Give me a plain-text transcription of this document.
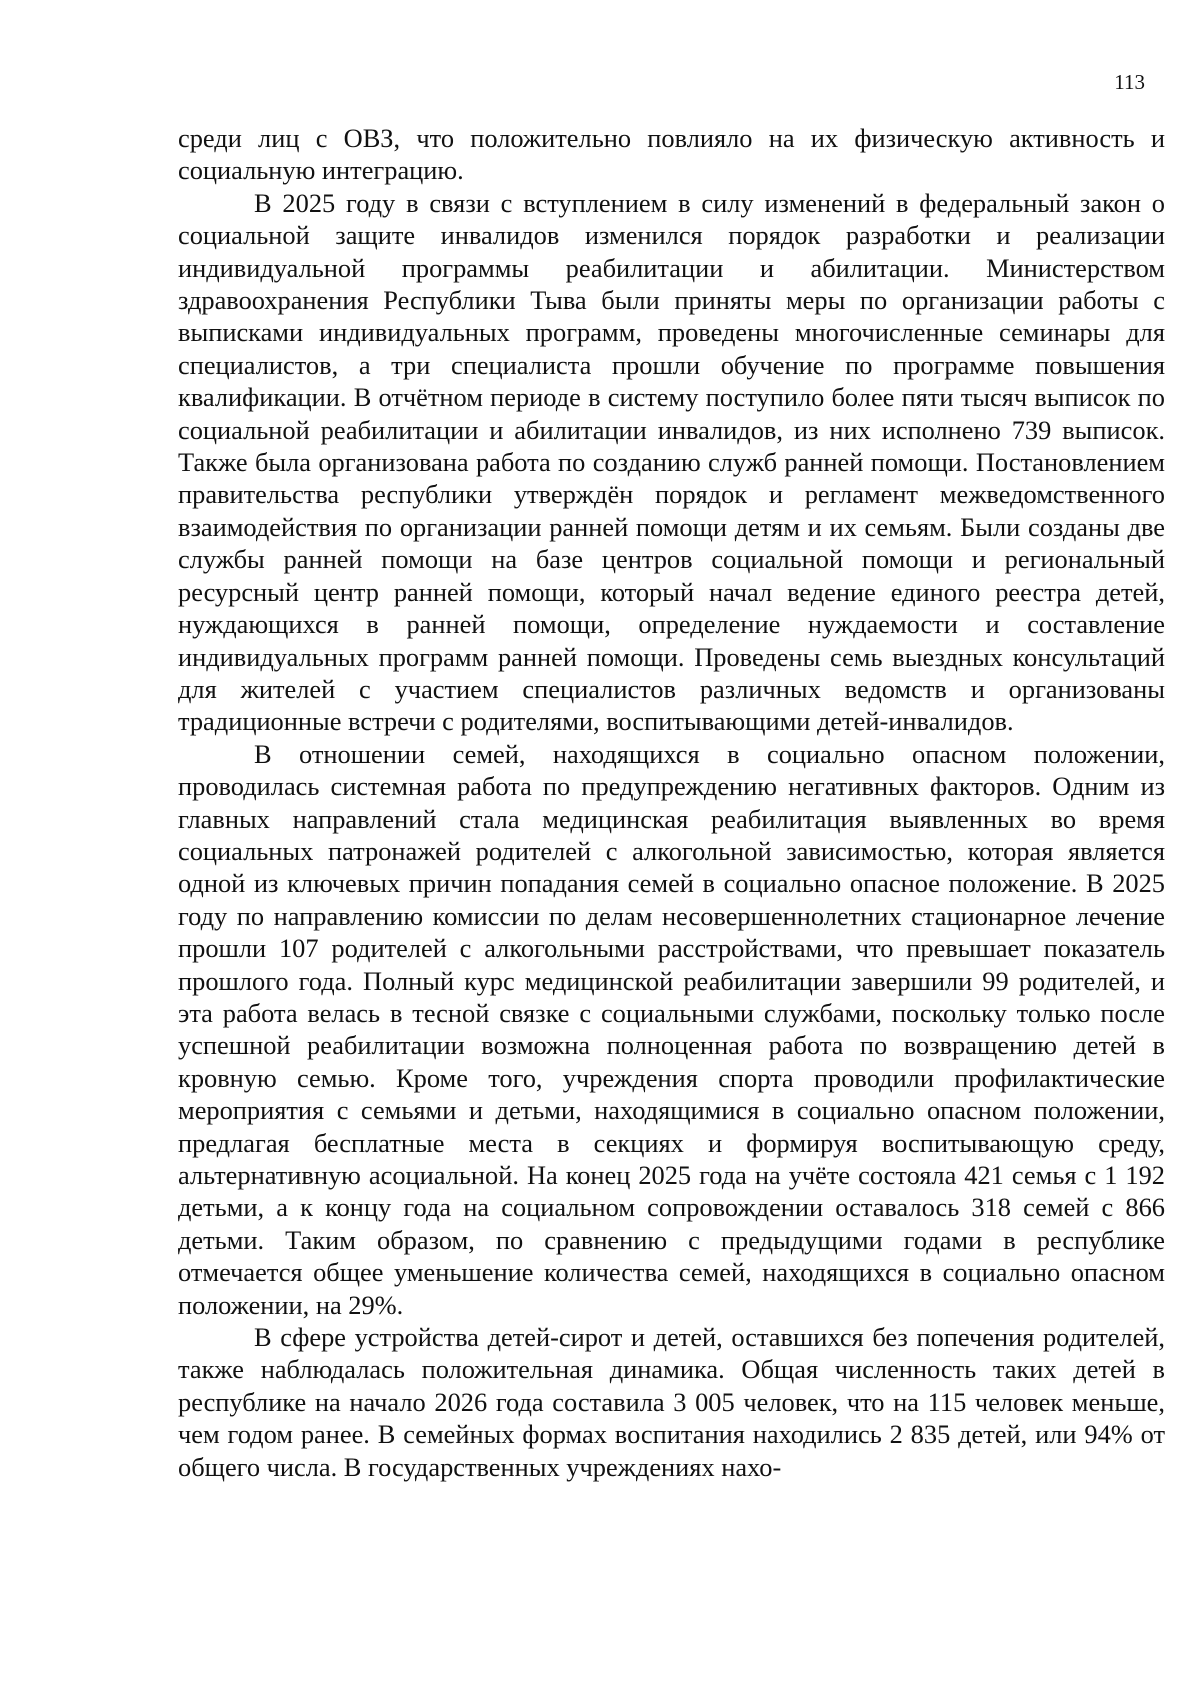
113

среди лиц с ОВЗ, что положительно повлияло на их физическую активность и социальную интеграцию.

В 2025 году в связи с вступлением в силу изменений в федеральный закон о социальной защите инвалидов изменился порядок разработки и реализации индивидуальной программы реабилитации и абилитации. Министерством здравоохранения Республики Тыва были приняты меры по организации работы с выписками индивидуальных программ, проведены многочисленные семинары для специалистов, а три специалиста прошли обучение по программе повышения квалификации. В отчётном периоде в систему поступило более пяти тысяч выписок по социальной реабилитации и абилитации инвалидов, из них исполнено 739 выписок. Также была организована работа по созданию служб ранней помощи. Постановлением правительства республики утверждён порядок и регламент межведомственного взаимодействия по организации ранней помощи детям и их семьям. Были созданы две службы ранней помощи на базе центров социальной помощи и региональный ресурсный центр ранней помощи, который начал ведение единого реестра детей, нуждающихся в ранней помощи, определение нуждаемости и составление индивидуальных программ ранней помощи. Проведены семь выездных консультаций для жителей с участием специалистов различных ведомств и организованы традиционные встречи с родителями, воспитывающими детей-инвалидов.

В отношении семей, находящихся в социально опасном положении, проводилась системная работа по предупреждению негативных факторов. Одним из главных направлений стала медицинская реабилитация выявленных во время социальных патронажей родителей с алкогольной зависимостью, которая является одной из ключевых причин попадания семей в социально опасное положение. В 2025 году по направлению комиссии по делам несовершеннолетних стационарное лечение прошли 107 родителей с алкогольными расстройствами, что превышает показатель прошлого года. Полный курс медицинской реабилитации завершили 99 родителей, и эта работа велась в тесной связке с социальными службами, поскольку только после успешной реабилитации возможна полноценная работа по возвращению детей в кровную семью. Кроме того, учреждения спорта проводили профилактические мероприятия с семьями и детьми, находящимися в социально опасном положении, предлагая бесплатные места в секциях и формируя воспитывающую среду, альтернативную асоциальной. На конец 2025 года на учёте состояла 421 семья с 1 192 детьми, а к концу года на социальном сопровождении оставалось 318 семей с 866 детьми. Таким образом, по сравнению с предыдущими годами в республике отмечается общее уменьшение количества семей, находящихся в социально опасном положении, на 29%.

В сфере устройства детей-сирот и детей, оставшихся без попечения родителей, также наблюдалась положительная динамика. Общая численность таких детей в республике на начало 2026 года составила 3 005 человек, что на 115 человек меньше, чем годом ранее. В семейных формах воспитания находились 2 835 детей, или 94% от общего числа. В государственных учреждениях нахо-
